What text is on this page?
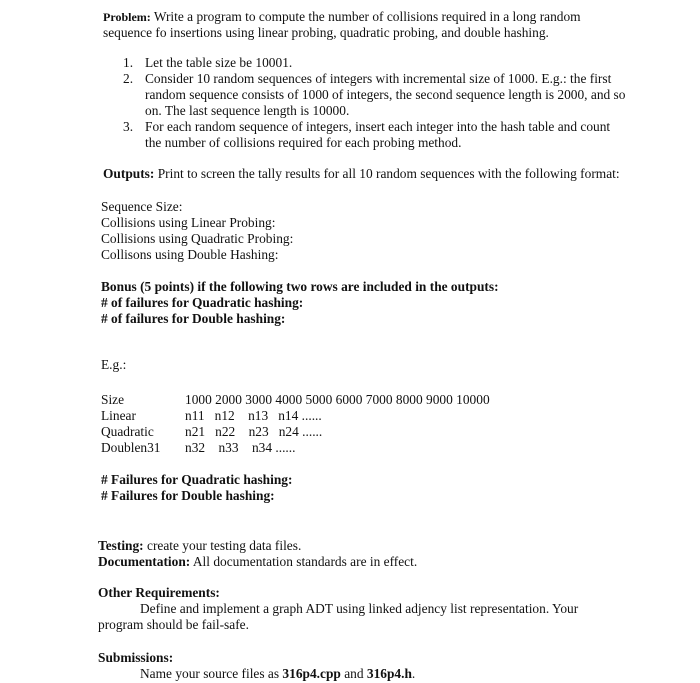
Problem: Write a program to compute the number of collisions required in a long random
sequence fo insertions using linear probing, quadratic probing, and double hashing.
1. Let the table size be 10001.
2. Consider 10 random sequences of integers with incremental size of 1000. E.g.: the first
random sequence consists of 1000 of integers, the second sequence length is 2000, and so
on. The last sequence length is 10000.
3. For each random sequence of integers, insert each integer into the hash table and count
the number of collisions required for each probing method.
Outputs: Print to screen the tally results for all 10 random sequences with the following format:
Sequence Size:
Collisions using Linear Probing:
Collisions using Quadratic Probing:
Collisons using Double Hashing:
Bonus (5 points) if the following two rows are included in the outputs:
# of failures for Quadratic hashing:
# of failures for Double hashing:
E.g.:
Size	1000 2000 3000 4000 5000 6000 7000 8000 9000 10000
Linear	n11   n12    n13   n14 ......
Quadratic	n21   n22    n23   n24 ......
Doublen31	n32    n33    n34 ......
# Failures for Quadratic hashing:
# Failures for Double hashing:
Testing: create your testing data files.
Documentation: All documentation standards are in effect.
Other Requirements:
Define and implement a graph ADT using linked adjency list representation. Your
program should be fail-safe.
Submissions:
Name your source files as 316p4.cpp and 316p4.h.
